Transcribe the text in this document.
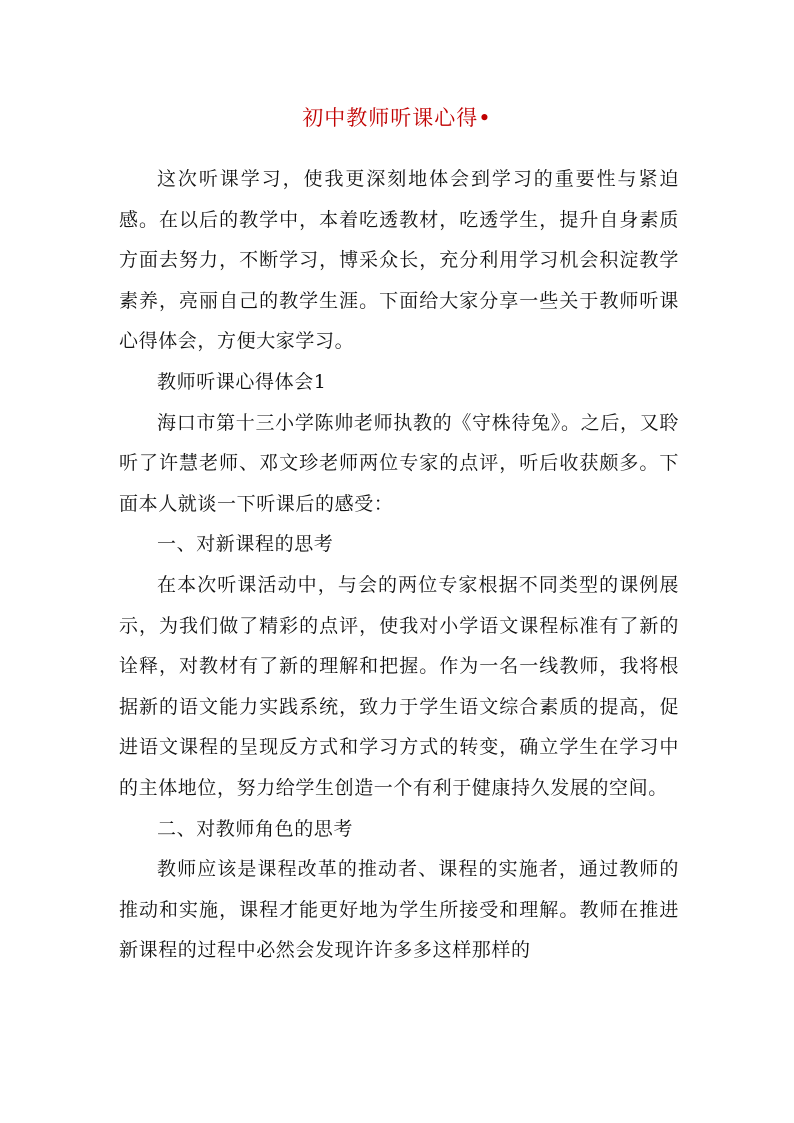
初中教师听课心得•

这次听课学习，使我更深刻地体会到学习的重要性与紧迫感。在以后的教学中，本着吃透教材，吃透学生，提升自身素质方面去努力，不断学习，博采众长，充分利用学习机会积淀教学素养，亮丽自己的教学生涯。下面给大家分享一些关于教师听课心得体会，方便大家学习。

教师听课心得体会1

海口市第十三小学陈帅老师执教的《守株待兔》。之后，又聆听了许慧老师、邓文珍老师两位专家的点评，听后收获颇多。下面本人就谈一下听课后的感受：

一、对新课程的思考

在本次听课活动中，与会的两位专家根据不同类型的课例展示，为我们做了精彩的点评，使我对小学语文课程标准有了新的诠释，对教材有了新的理解和把握。作为一名一线教师，我将根据新的语文能力实践系统，致力于学生语文综合素质的提高，促进语文课程的呈现反方式和学习方式的转变，确立学生在学习中的主体地位，努力给学生创造一个有利于健康持久发展的空间。

二、对教师角色的思考

教师应该是课程改革的推动者、课程的实施者，通过教师的推动和实施，课程才能更好地为学生所接受和理解。教师在推进新课程的过程中必然会发现许许多多这样那样的
